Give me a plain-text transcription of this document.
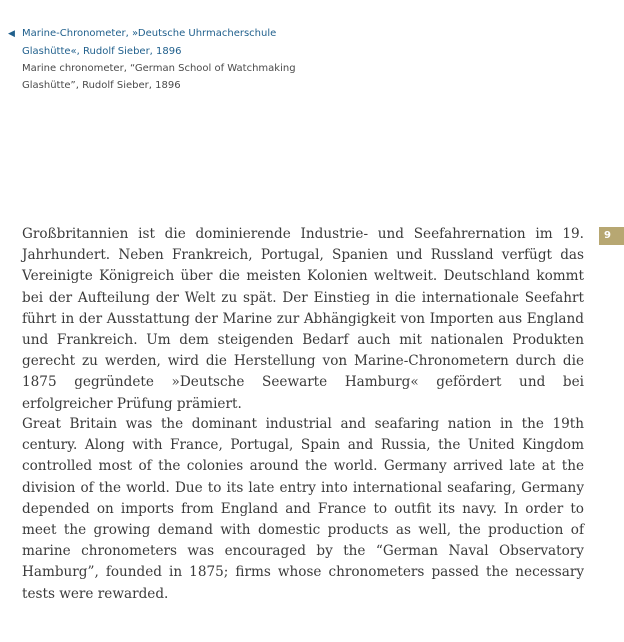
◀ Marine-Chronometer, »Deutsche Uhrmacherschule
Glashütte«, Rudolf Sieber, 1896
Marine chronometer, “German School of Watchmaking
Glashütte”, Rudolf Sieber, 1896
9

Großbritannien ist die dominierende Industrie- und Seefahrernation im 19. Jahrhundert. Neben Frankreich, Portugal, Spanien und Russland verfügt das Vereinigte Königreich über die meisten Kolonien weltweit. Deutschland kommt bei der Aufteilung der Welt zu spät. Der Einstieg in die internationale Seefahrt führt in der Ausstattung der Marine zur Abhängigkeit von Importen aus England und Frankreich. Um dem steigenden Bedarf auch mit nationalen Produkten gerecht zu werden, wird die Herstellung von Marine-Chronometern durch die 1875 gegründete »Deutsche Seewarte Hamburg« gefördert und bei erfolgreicher Prüfung prämiert.

Great Britain was the dominant industrial and seafaring nation in the 19th century. Along with France, Portugal, Spain and Russia, the United Kingdom controlled most of the colonies around the world. Germany arrived late at the division of the world. Due to its late entry into international seafaring, Germany depended on imports from England and France to outfit its navy. In order to meet the growing demand with domestic products as well, the production of marine chronometers was encouraged by the “German Naval Observatory Hamburg”, founded in 1875; firms whose chronometers passed the necessary tests were rewarded.
